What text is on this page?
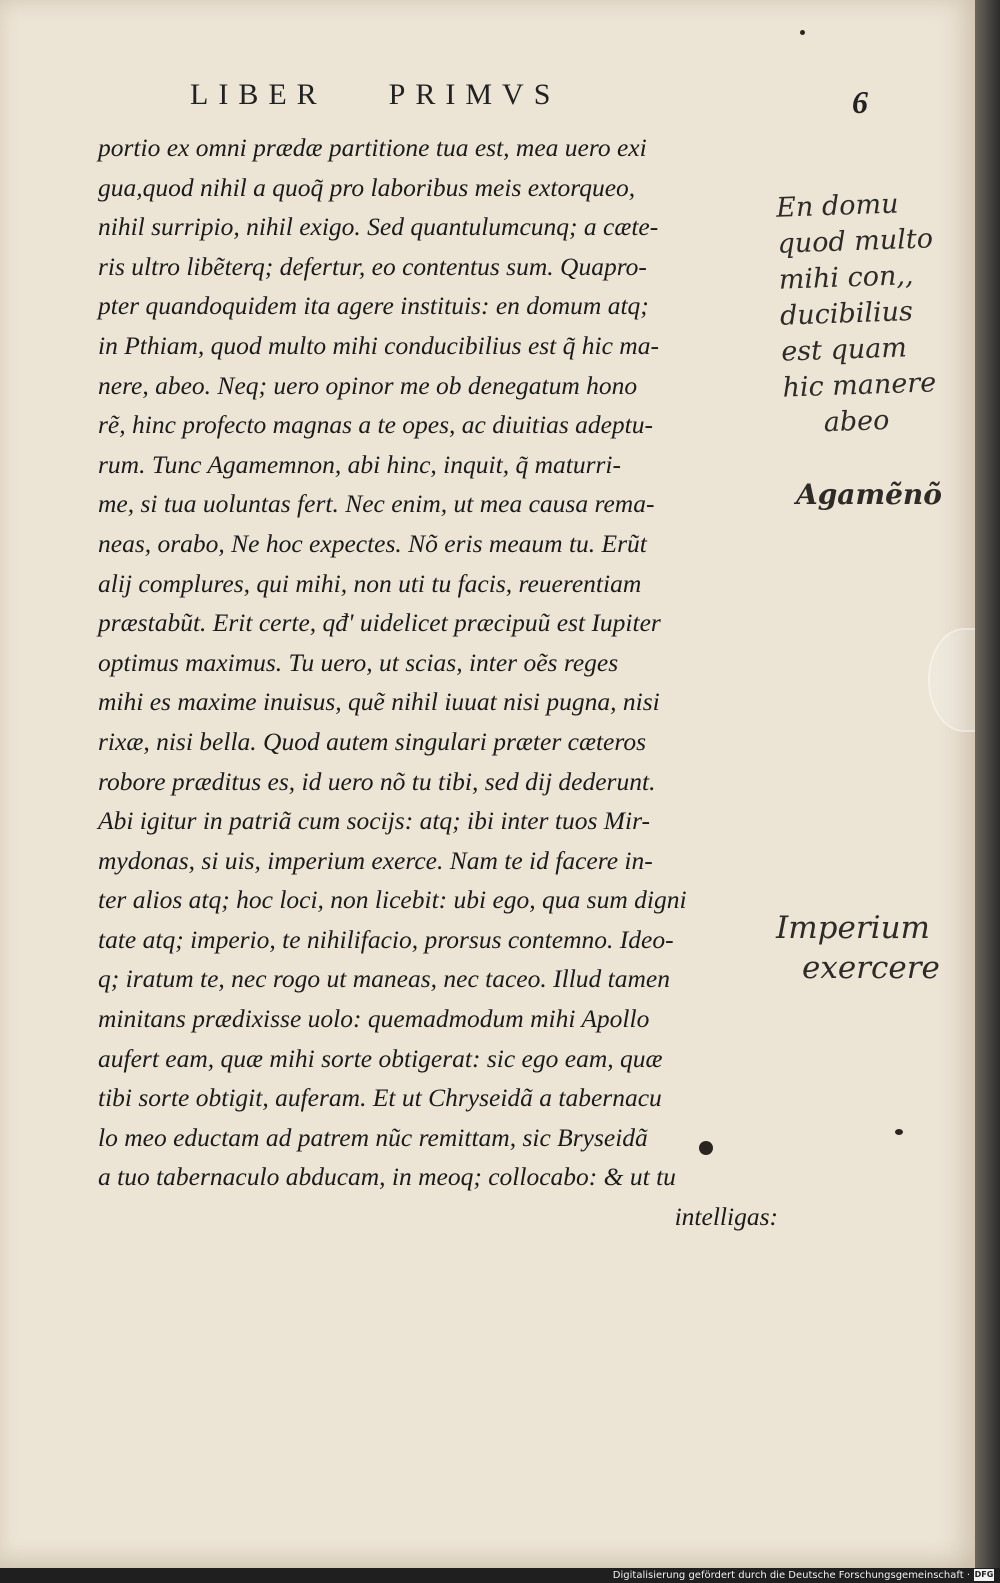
LIBER PRIMVS	6
portio ex omni prædæ partitione tua est, mea uero exi
gua,quod nihil a quoq̃ pro laboribus meis extorqueo,
nihil surripio, nihil exigo. Sed quantulumcunq; a cæte-
ris ultro libẽterq; defertur, eo contentus sum. Quapro-
pter quandoquidem ita agere instituis: en domum atq;
in Pthiam, quod multo mihi conducibilius est q̃ hic ma-
nere, abeo. Neq; uero opinor me ob denegatum hono
rẽ, hinc profecto magnas a te opes, ac diuitias adeptu-
rum. Tunc Agamemnon, abi hinc, inquit, q̃ maturri-
me, si tua uoluntas fert. Nec enim, ut mea causa rema-
neas, orabo, Ne hoc expectes. Nõ eris meaum tu. Erũt
alij complures, qui mihi, non uti tu facis, reuerentiam
præstabũt. Erit certe, qđ' uidelicet præcipuũ est Iupiter
optimus maximus. Tu uero, ut scias, inter oẽs reges
mihi es maxime inuisus, quẽ nihil iuuat nisi pugna, nisi
rixæ, nisi bella. Quod autem singulari præter cæteros
robore præditus es, id uero nõ tu tibi, sed dij dederunt.
Abi igitur in patriã cum socijs: atq; ibi inter tuos Mir-
mydonas, si uis, imperium exerce. Nam te id facere in-
ter alios atq; hoc loci, non licebit: ubi ego, qua sum digni
tate atq; imperio, te nihilifacio, prorsus contemno. Ideo-
q; iratum te, nec rogo ut maneas, nec taceo. Illud tamen
minitans prædixisse uolo: quemadmodum mihi Apollo
aufert eam, quæ mihi sorte obtigerat: sic ego eam, quæ
tibi sorte obtigit, auferam. Et ut Chryseidã a tabernacu
lo meo eductam ad patrem nũc remittam, sic Bryseidã
a tuo tabernaculo abducam, in meoq; collocabo: & ut tu
intelligas:
En domu
quod multo
mihi con,,
ducibilius
est quam
hic manere
abeo
Agamẽnõ
Imperium
exercere
Digitalisierung gefördert durch die Deutsche Forschungsgemeinschaft · DFG
